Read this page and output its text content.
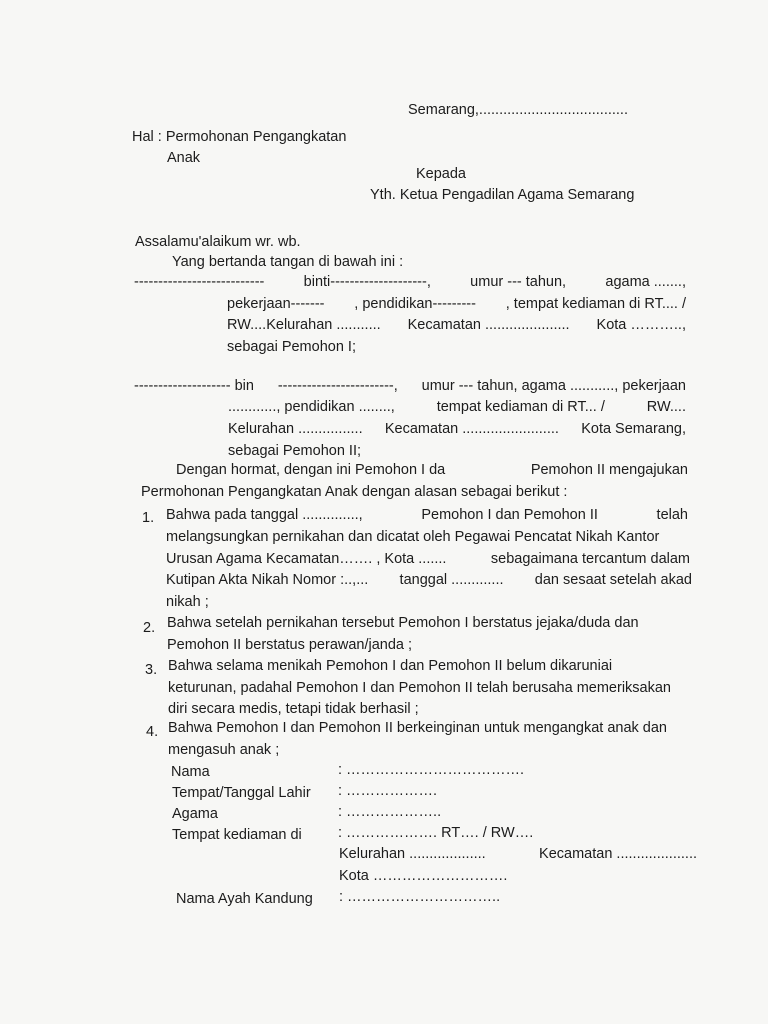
Semarang,.....................................
Hal : Permohonan Pengangkatan
Anak
Kepada
Yth. Ketua Pengadilan Agama Semarang
Assalamu'alaikum wr. wb.
Yang bertanda tangan di bawah ini :
---------------------------	binti--------------------,	umur --- tahun,	agama .......,
pekerjaan------- , pendidikan--------- , tempat kediaman di RT.... /
RW....Kelurahan ........... Kecamatan ..................... Kota ………..,
sebagai Pemohon I;
-------------------- bin ------------------------, umur --- tahun, agama ..........., pekerjaan
............, pendidikan ........,	tempat kediaman di RT... /	RW....
Kelurahan ................ Kecamatan ........................ Kota Semarang,
sebagai Pemohon II;
Dengan hormat, dengan ini Pemohon I da	Pemohon II mengajukan
Permohonan Pengangkatan Anak dengan alasan sebagai berikut :
1. Bahwa pada tanggal ..............,	Pemohon I dan Pemohon II	telah
melangsungkan pernikahan dan dicatat oleh Pegawai Pencatat Nikah Kantor
Urusan Agama Kecamatan……. , Kota .......	sebagaimana tercantum dalam
Kutipan Akta Nikah Nomor :..,... tanggal ............. dan sesaat setelah akad
nikah ;
2. Bahwa setelah pernikahan tersebut Pemohon I berstatus jejaka/duda dan
Pemohon II berstatus perawan/janda ;
3. Bahwa selama menikah Pemohon I dan Pemohon II belum dikaruniai
keturunan, padahal Pemohon I dan Pemohon II telah berusaha memeriksakan
diri secara medis, tetapi tidak berhasil ;
4. Bahwa Pemohon I dan Pemohon II berkeinginan untuk mengangkat anak dan
mengasuh anak ;
Nama	: ……………………………….
Tempat/Tanggal Lahir : ……………….
Agama	: ………………..
Tempat kediaman di : ………………. RT…. / RW….
Kelurahan ...................	Kecamatan ....................
Kota ……………………….
Nama Ayah Kandung : …………………………..
